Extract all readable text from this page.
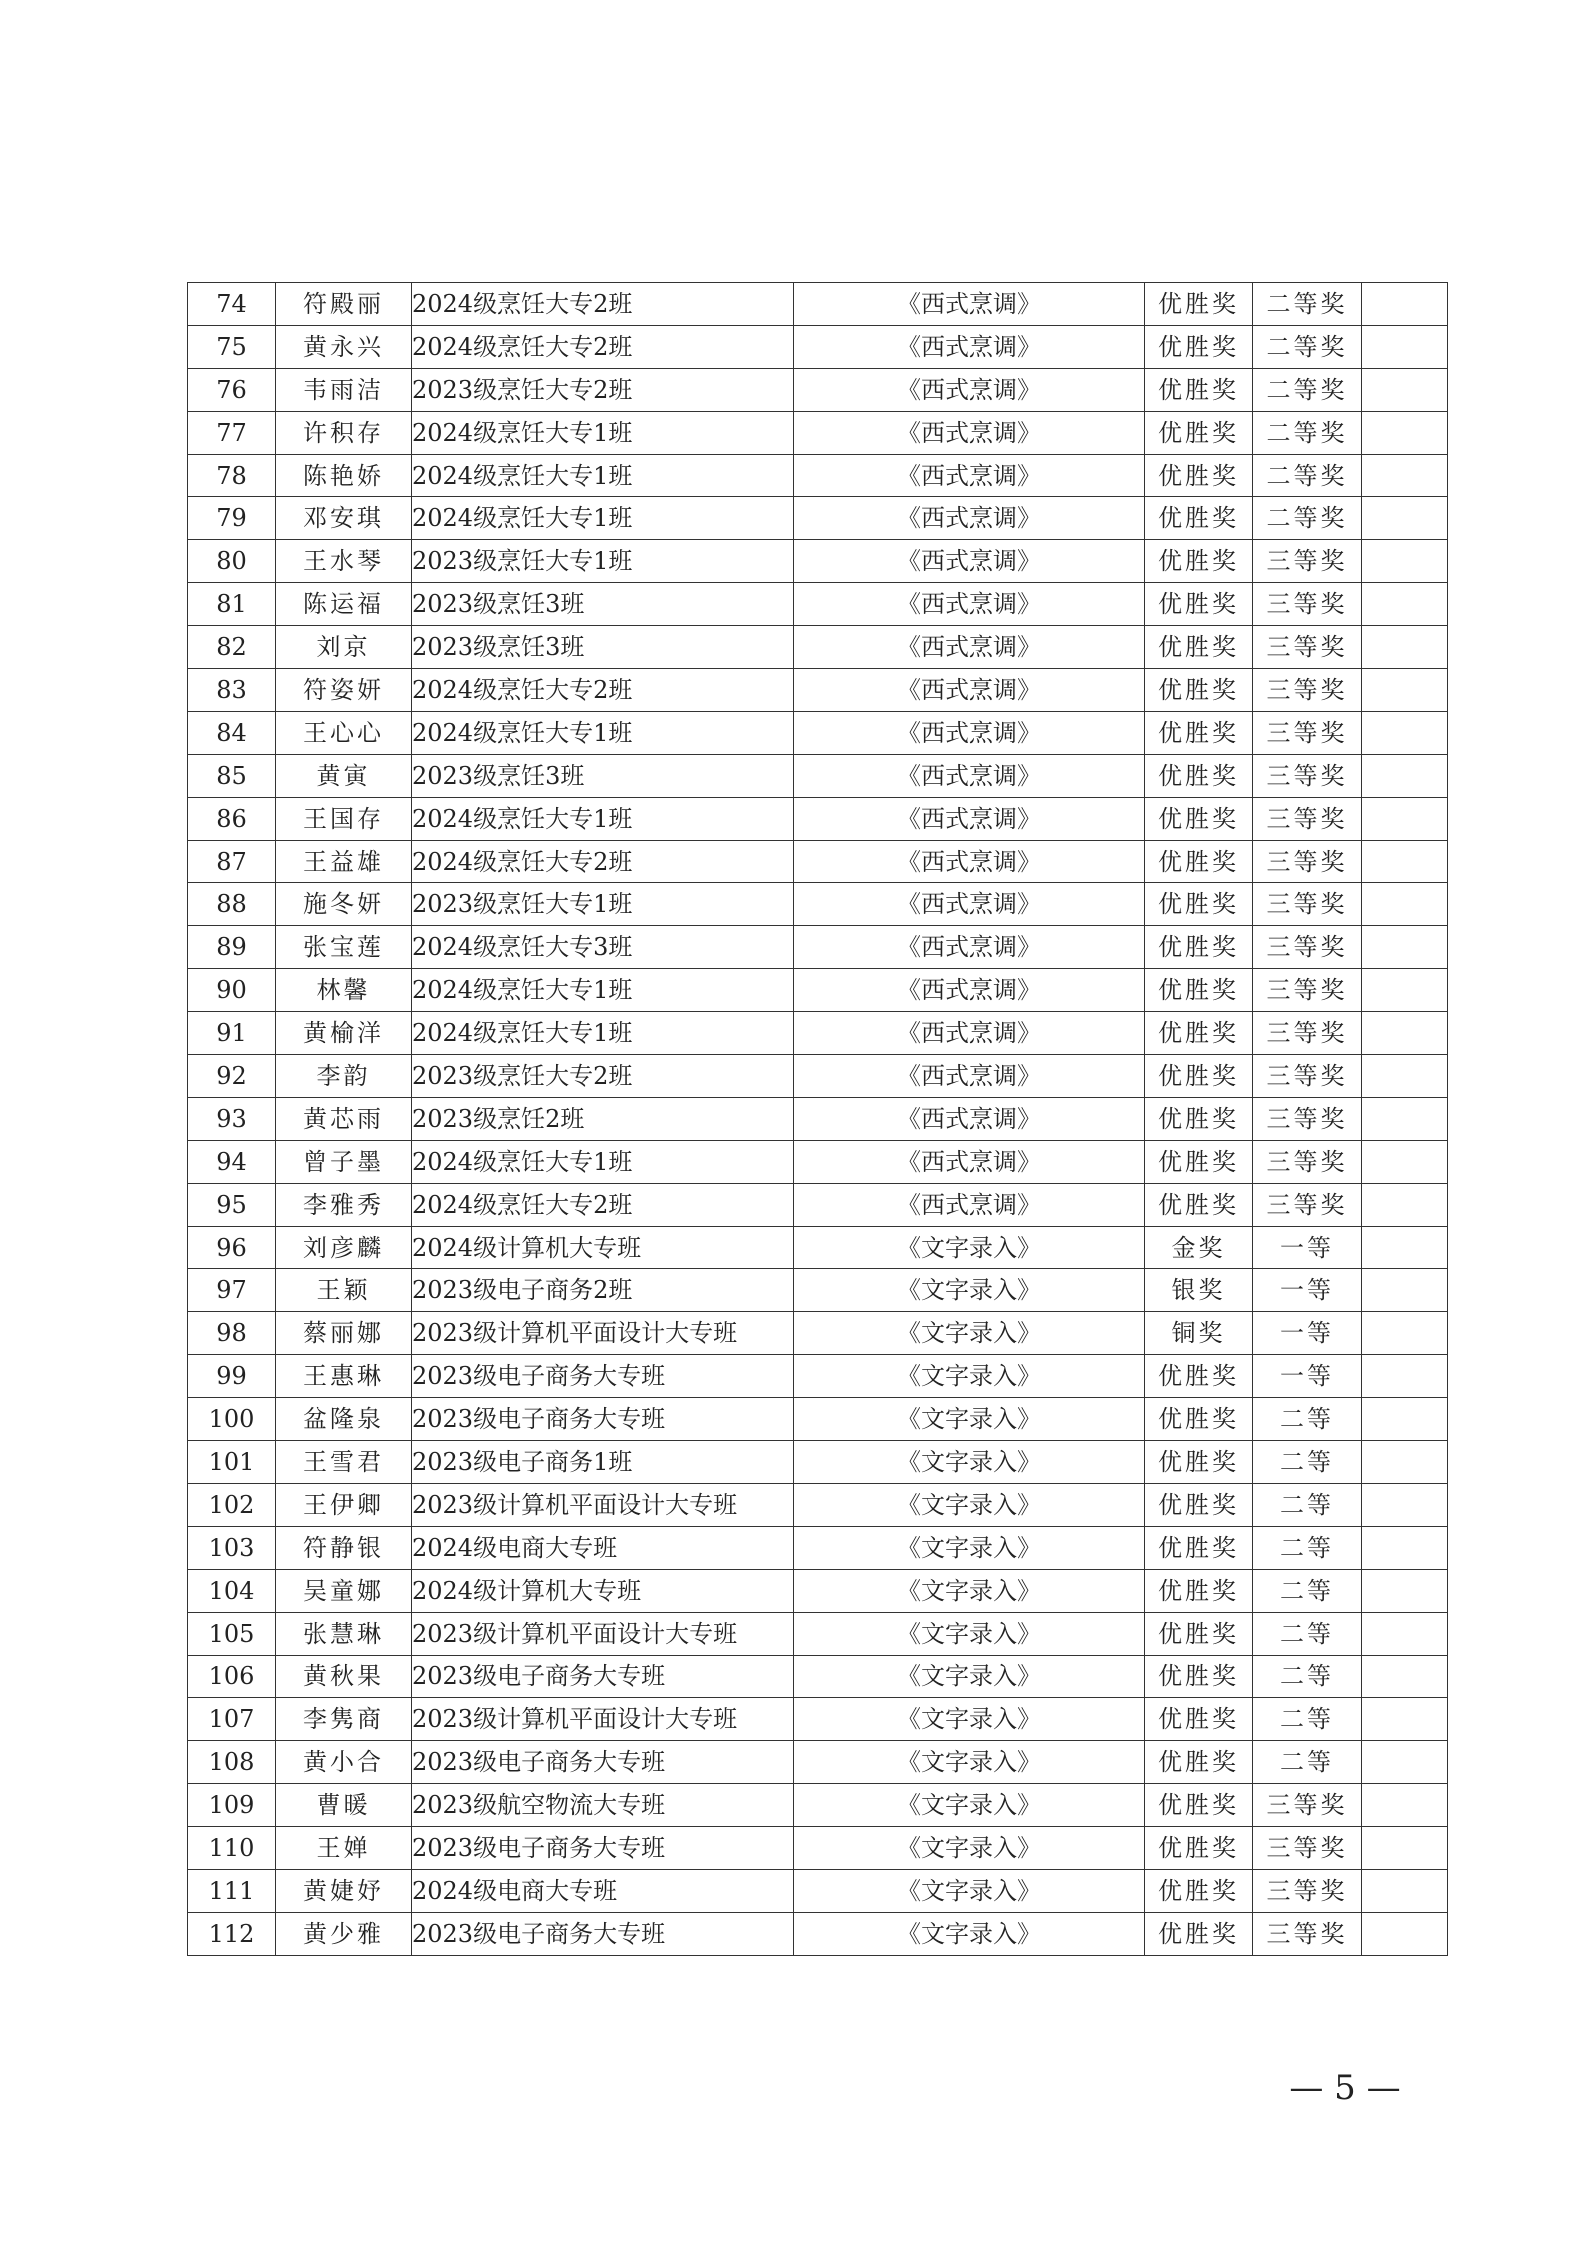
74	符殿丽	2024级烹饪大专2班	《西式烹调》	优胜奖	二等奖	
75	黄永兴	2024级烹饪大专2班	《西式烹调》	优胜奖	二等奖	
76	韦雨洁	2023级烹饪大专2班	《西式烹调》	优胜奖	二等奖	
77	许积存	2024级烹饪大专1班	《西式烹调》	优胜奖	二等奖	
78	陈艳娇	2024级烹饪大专1班	《西式烹调》	优胜奖	二等奖	
79	邓安琪	2024级烹饪大专1班	《西式烹调》	优胜奖	二等奖	
80	王水琴	2023级烹饪大专1班	《西式烹调》	优胜奖	三等奖	
81	陈运福	2023级烹饪3班	《西式烹调》	优胜奖	三等奖	
82	刘京	2023级烹饪3班	《西式烹调》	优胜奖	三等奖	
83	符姿妍	2024级烹饪大专2班	《西式烹调》	优胜奖	三等奖	
84	王心心	2024级烹饪大专1班	《西式烹调》	优胜奖	三等奖	
85	黄寅	2023级烹饪3班	《西式烹调》	优胜奖	三等奖	
86	王国存	2024级烹饪大专1班	《西式烹调》	优胜奖	三等奖	
87	王益雄	2024级烹饪大专2班	《西式烹调》	优胜奖	三等奖	
88	施冬妍	2023级烹饪大专1班	《西式烹调》	优胜奖	三等奖	
89	张宝莲	2024级烹饪大专3班	《西式烹调》	优胜奖	三等奖	
90	林馨	2024级烹饪大专1班	《西式烹调》	优胜奖	三等奖	
91	黄榆洋	2024级烹饪大专1班	《西式烹调》	优胜奖	三等奖	
92	李韵	2023级烹饪大专2班	《西式烹调》	优胜奖	三等奖	
93	黄芯雨	2023级烹饪2班	《西式烹调》	优胜奖	三等奖	
94	曾子墨	2024级烹饪大专1班	《西式烹调》	优胜奖	三等奖	
95	李雅秀	2024级烹饪大专2班	《西式烹调》	优胜奖	三等奖	
96	刘彦麟	2024级计算机大专班	《文字录入》	金奖	一等	
97	王颖	2023级电子商务2班	《文字录入》	银奖	一等	
98	蔡丽娜	2023级计算机平面设计大专班	《文字录入》	铜奖	一等	
99	王惠琳	2023级电子商务大专班	《文字录入》	优胜奖	一等	
100	盆隆泉	2023级电子商务大专班	《文字录入》	优胜奖	二等	
101	王雪君	2023级电子商务1班	《文字录入》	优胜奖	二等	
102	王伊卿	2023级计算机平面设计大专班	《文字录入》	优胜奖	二等	
103	符静银	2024级电商大专班	《文字录入》	优胜奖	二等	
104	吴童娜	2024级计算机大专班	《文字录入》	优胜奖	二等	
105	张慧琳	2023级计算机平面设计大专班	《文字录入》	优胜奖	二等	
106	黄秋果	2023级电子商务大专班	《文字录入》	优胜奖	二等	
107	李隽商	2023级计算机平面设计大专班	《文字录入》	优胜奖	二等	
108	黄小合	2023级电子商务大专班	《文字录入》	优胜奖	二等	
109	曹暖	2023级航空物流大专班	《文字录入》	优胜奖	三等奖	
110	王婵	2023级电子商务大专班	《文字录入》	优胜奖	三等奖	
111	黄婕妤	2024级电商大专班	《文字录入》	优胜奖	三等奖	
112	黄少雅	2023级电子商务大专班	《文字录入》	优胜奖	三等奖	
— 5 —
